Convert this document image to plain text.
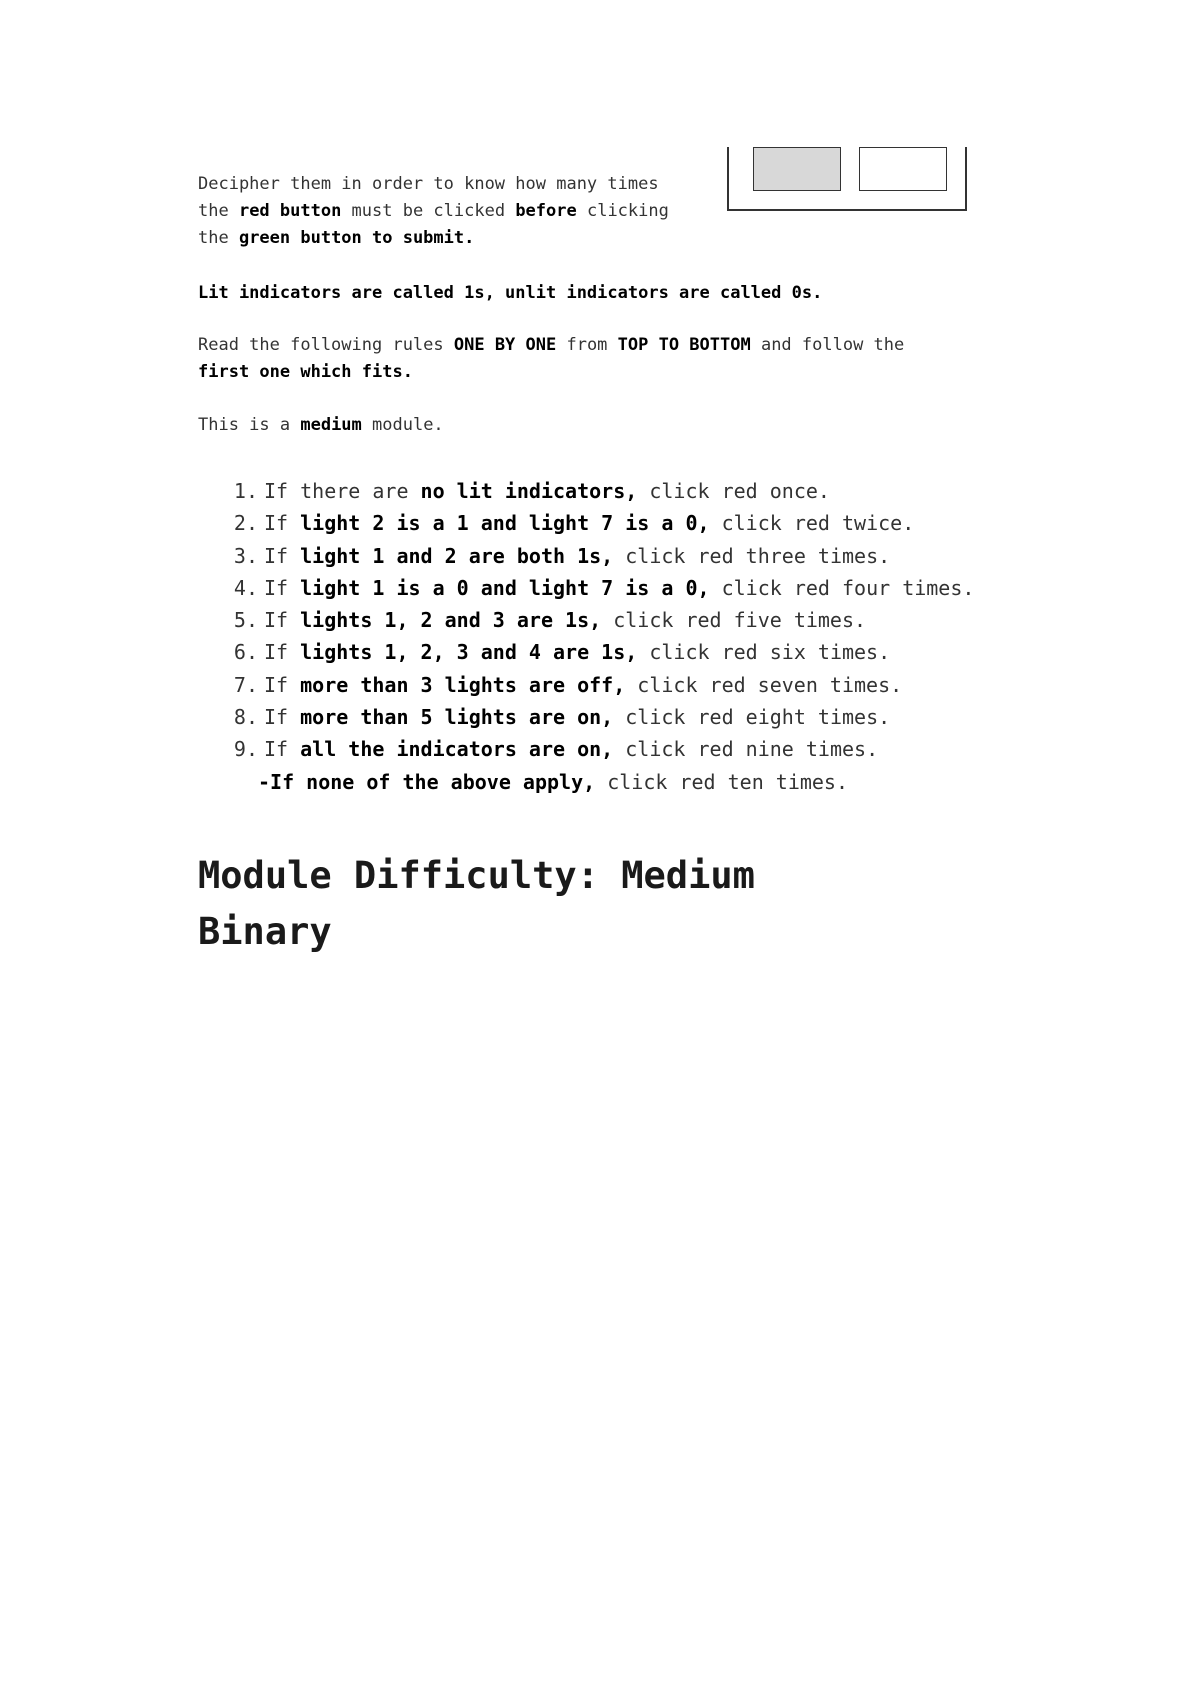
Decipher them in order to know how many times
the red button must be clicked before clicking
the green button to submit.

Lit indicators are called 1s, unlit indicators are called 0s.

Read the following rules ONE BY ONE from TOP TO BOTTOM and follow the
first one which fits.

This is a medium module.

1. If there are no lit indicators, click red once.
2. If light 2 is a 1 and light 7 is a 0, click red twice.
3. If light 1 and 2 are both 1s, click red three times.
4. If light 1 is a 0 and light 7 is a 0, click red four times.
5. If lights 1, 2 and 3 are 1s, click red five times.
6. If lights 1, 2, 3 and 4 are 1s, click red six times.
7. If more than 3 lights are off, click red seven times.
8. If more than 5 lights are on, click red eight times.
9. If all the indicators are on, click red nine times.
-If none of the above apply, click red ten times.
Module Difficulty: Medium
Binary
